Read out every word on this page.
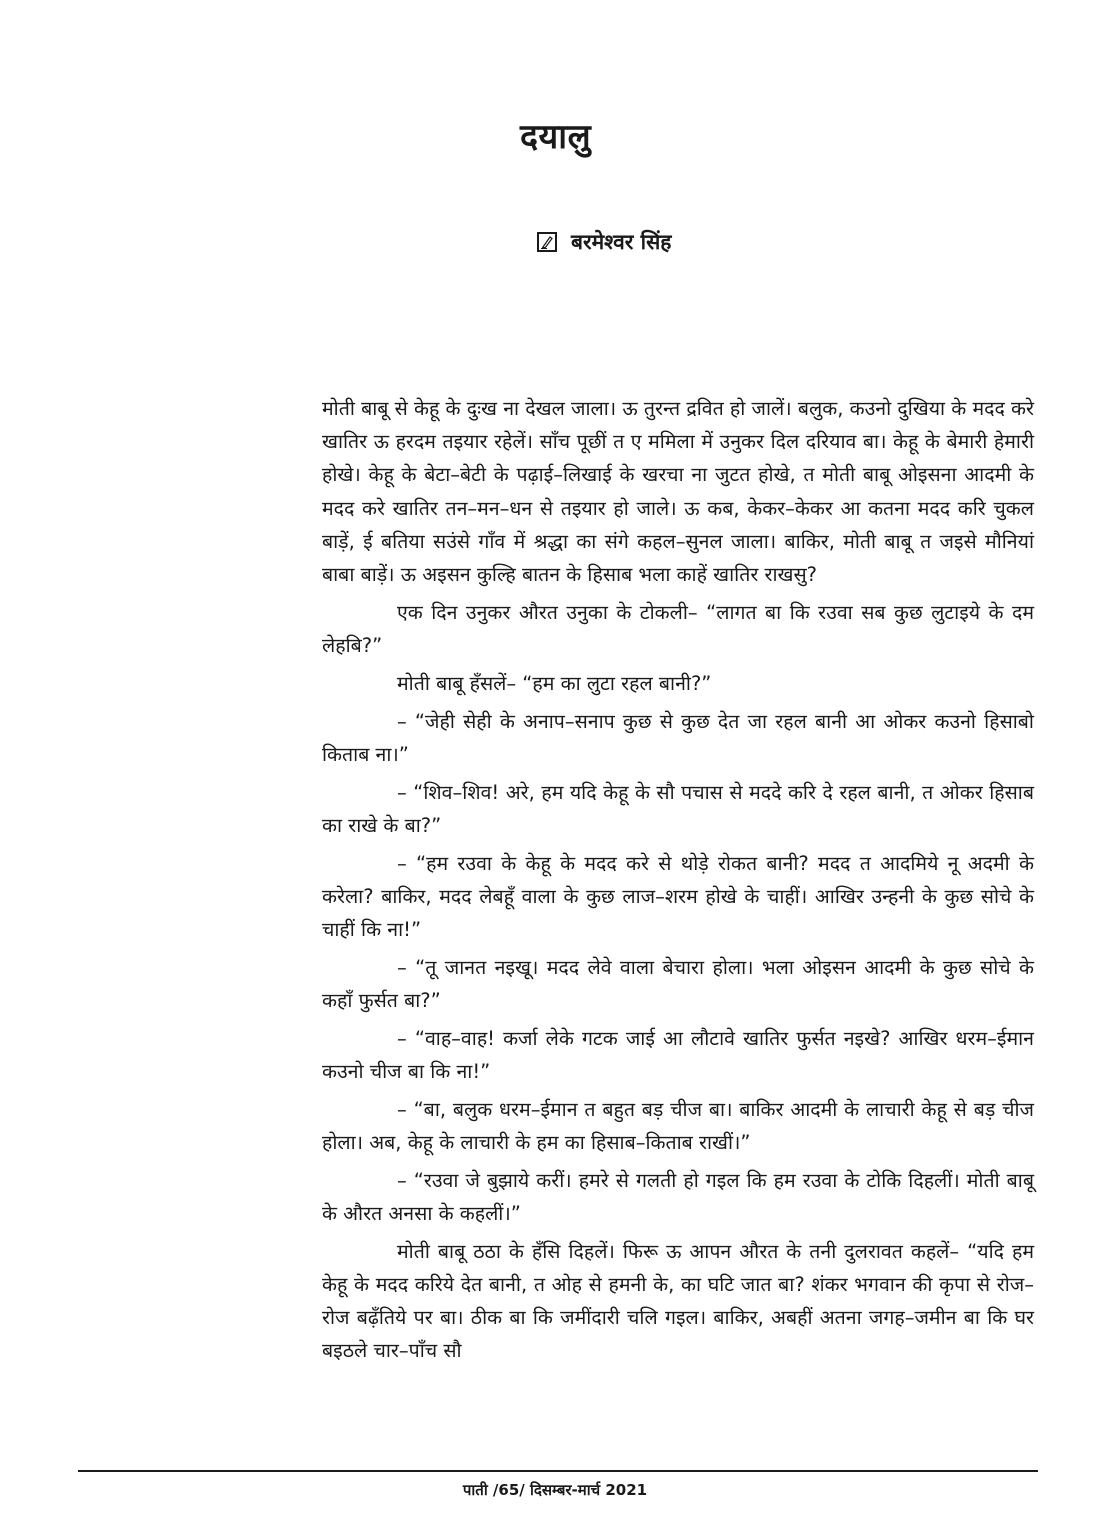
दयालु
बरमेश्वर सिंह

मोती बाबू से केहू के दुःख ना देखल जाला। ऊ तुरन्त द्रवित हो जालें। बलुक, कउनो दुखिया के मदद करे खातिर ऊ हरदम तइयार रहेलें। साँच पूछीं त ए ममिला में उनुकर दिल दरियाव बा। केहू के बेमारी हेमारी होखे। केहू के बेटा–बेटी के पढ़ाई–लिखाई के खरचा ना जुटत होखे, त मोती बाबू ओइसना आदमी के मदद करे खातिर तन–मन–धन से तइयार हो जाले। ऊ कब, केकर–केकर आ कतना मदद करि चुकल बाड़ें, ई बतिया सउंसे गाँव में श्रद्धा का संगे कहल–सुनल जाला। बाकिर, मोती बाबू त जइसे मौनियां बाबा बाड़ें। ऊ अइसन कुल्हि बातन के हिसाब भला काहें खातिर राखसु?

एक दिन उनुकर औरत उनुका के टोकली– “लागत बा कि रउवा सब कुछ लुटाइये के दम लेहबि?”

मोती बाबू हँसलें– “हम का लुटा रहल बानी?”

– “जेही सेही के अनाप–सनाप कुछ से कुछ देत जा रहल बानी आ ओकर कउनो हिसाबो किताब ना।”

– “शिव–शिव! अरे, हम यदि केहू के सौ पचास से मददे करि दे रहल बानी, त ओकर हिसाब का राखे के बा?”

– “हम रउवा के केहू के मदद करे से थोड़े रोकत बानी? मदद त आदमिये नू अदमी के करेला? बाकिर, मदद लेबहूँ वाला के कुछ लाज–शरम होखे के चाहीं। आखिर उन्हनी के कुछ सोचे के चाहीं कि ना!”

– “तू जानत नइखू। मदद लेवे वाला बेचारा होला। भला ओइसन आदमी के कुछ सोचे के कहाँ फुर्सत बा?”

– “वाह–वाह! कर्जा लेके गटक जाई आ लौटावे खातिर फुर्सत नइखे? आखिर धरम–ईमान कउनो चीज बा कि ना!”

– “बा, बलुक धरम–ईमान त बहुत बड़ चीज बा। बाकिर आदमी के लाचारी केहू से बड़ चीज होला। अब, केहू के लाचारी के हम का हिसाब–किताब राखीं।”

– “रउवा जे बुझाये करीं। हमरे से गलती हो गइल कि हम रउवा के टोकि दिहलीं। मोती बाबू के औरत अनसा के कहलीं।”

मोती बाबू ठठा के हँसि दिहलें। फिरू ऊ आपन औरत के तनी दुलरावत कहलें– “यदि हम केहू के मदद करिये देत बानी, त ओह से हमनी के, का घटि जात बा? शंकर भगवान की कृपा से रोज–रोज बढ़ँतिये पर बा। ठीक बा कि जमींदारी चलि गइल। बाकिर, अबहीं अतना जगह–जमीन बा कि घर बइठले चार–पाँच सौ

पाती /65/ दिसम्बर-मार्च 2021
